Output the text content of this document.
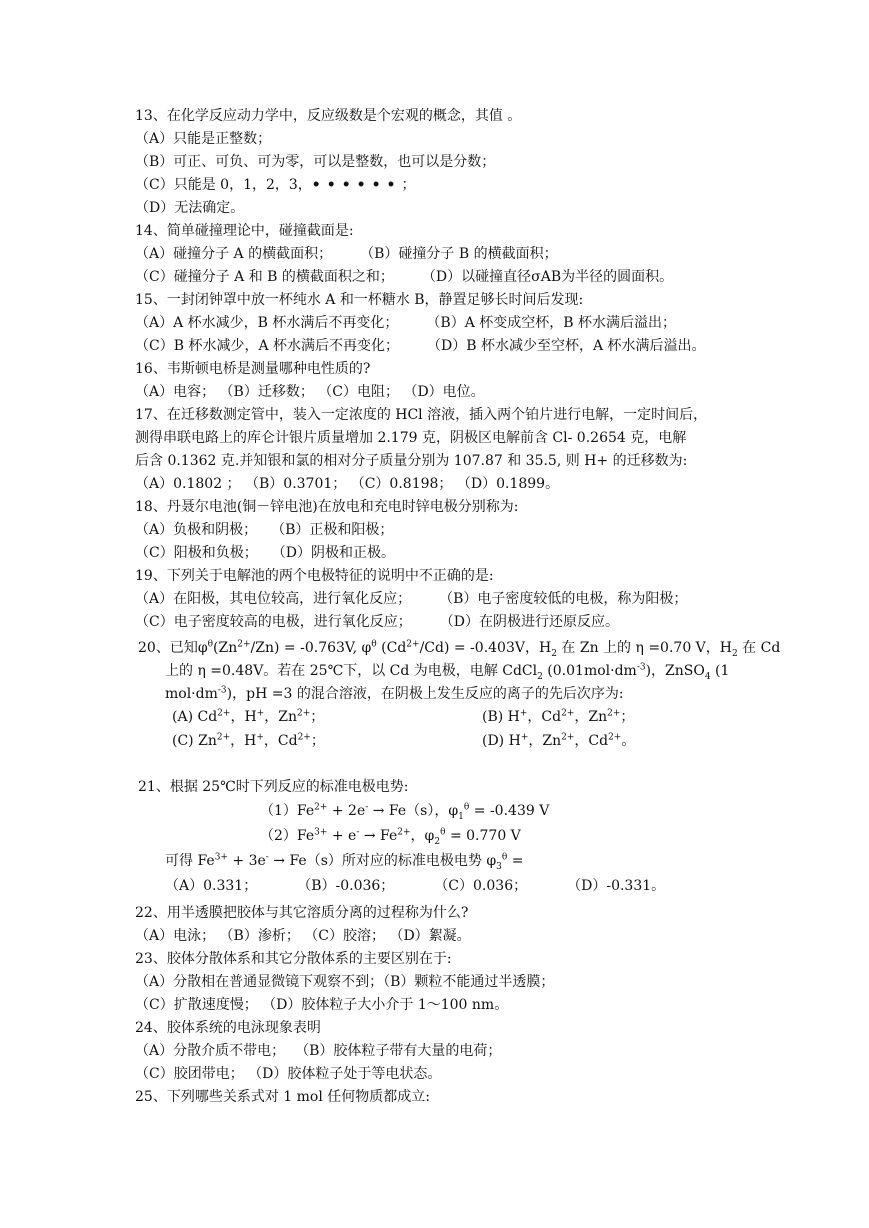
13、在化学反应动力学中，反应级数是个宏观的概念，其值 。
（A）只能是正整数；
（B）可正、可负、可为零，可以是整数，也可以是分数；
（C）只能是 0，1，2，3，••••••；
（D）无法确定。
14、简单碰撞理论中，碰撞截面是:
（A）碰撞分子 A 的横截面积； （B）碰撞分子 B 的横截面积；
（C）碰撞分子 A 和 B 的横截面积之和； （D）以碰撞直径σAB为半径的圆面积。
15、一封闭钟罩中放一杯纯水 A 和一杯糖水 B，静置足够长时间后发现:
（A）A 杯水减少，B 杯水满后不再变化； （B）A 杯变成空杯，B 杯水满后溢出；
（C）B 杯水减少，A 杯水满后不再变化； （D）B 杯水减少至空杯，A 杯水满后溢出。
16、韦斯顿电桥是测量哪种电性质的?
（A）电容； （B）迁移数； （C）电阻； （D）电位。
17、在迁移数测定管中，装入一定浓度的 HCl 溶液，插入两个铂片进行电解，一定时间后，
测得串联电路上的库仑计银片质量增加 2.179 克，阴极区电解前含 Cl- 0.2654 克，电解
后含 0.1362 克.并知银和氯的相对分子质量分别为 107.87 和 35.5, 则 H+ 的迁移数为:
（A）0.1802 ； （B）0.3701； （C）0.8198； （D）0.1899。
18、丹聂尔电池(铜－锌电池)在放电和充电时锌电极分别称为:
（A）负极和阴极； （B）正极和阳极；
（C）阳极和负极； （D）阴极和正极。
19、下列关于电解池的两个电极特征的说明中不正确的是:
（A）在阳极，其电位较高，进行氧化反应； （B）电子密度较低的电极，称为阳极；
（C）电子密度较高的电极，进行氧化反应； （D）在阴极进行还原反应。
20、已知$\varphi^\theta(Zn^{2+}/Zn) = -0.763V$, $\varphi^\theta$ $(Cd^{2+}/Cd) = -0.403V$，$H_2$ 在 Zn 上的 η =0.70 V，$H_2$ 在 Cd
上的 η =0.48V。若在 25℃下，以 Cd 为电极，电解 CdCl$_2$ $(0.01mol\cdot dm^{-3})$，ZnSO$_4$ (1
$mol\cdot dm^{-3}$)，pH =3 的混合溶液，在阴极上发生反应的离子的先后次序为:
(A) $Cd^{2+}$，H+，$Zn^{2+}$；	(B) H+，$Cd^{2+}$，$Zn^{2+}$；
(C) $Zn^{2+}$，H+，$Cd^{2+}$；	(D) H+，$Zn^{2+}$，$Cd^{2+}$。
21、根据 25℃时下列反应的标准电极电势:
$(1)Fe^{2+} + 2e^- \to Fe(s)$，$\varphi_1^\theta = -0.439$ V
$(2)Fe^{3+} + e^- \to Fe^{2+}$，$\varphi_2^\theta = 0.770$ V
可得 $Fe^{3+} + 3e^- \to Fe(s)$所对应的标准电极电势 $\varphi_3^\theta$ =
（A）0.331；	（B）-0.036；	（C）0.036；	（D）-0.331。
22、用半透膜把胶体与其它溶质分离的过程称为什么?
（A）电泳； （B）渗析； （C）胶溶； （D）絮凝。
23、胶体分散体系和其它分散体系的主要区别在于:
（A）分散相在普通显微镜下观察不到；（B）颗粒不能通过半透膜；
（C）扩散速度慢； （D）胶体粒子大小介于 1～100 nm。
24、胶体系统的电泳现象表明
（A）分散介质不带电； （B）胶体粒子带有大量的电荷；
（C）胶团带电； （D）胶体粒子处于等电状态。
25、下列哪些关系式对 1 mol 任何物质都成立:
